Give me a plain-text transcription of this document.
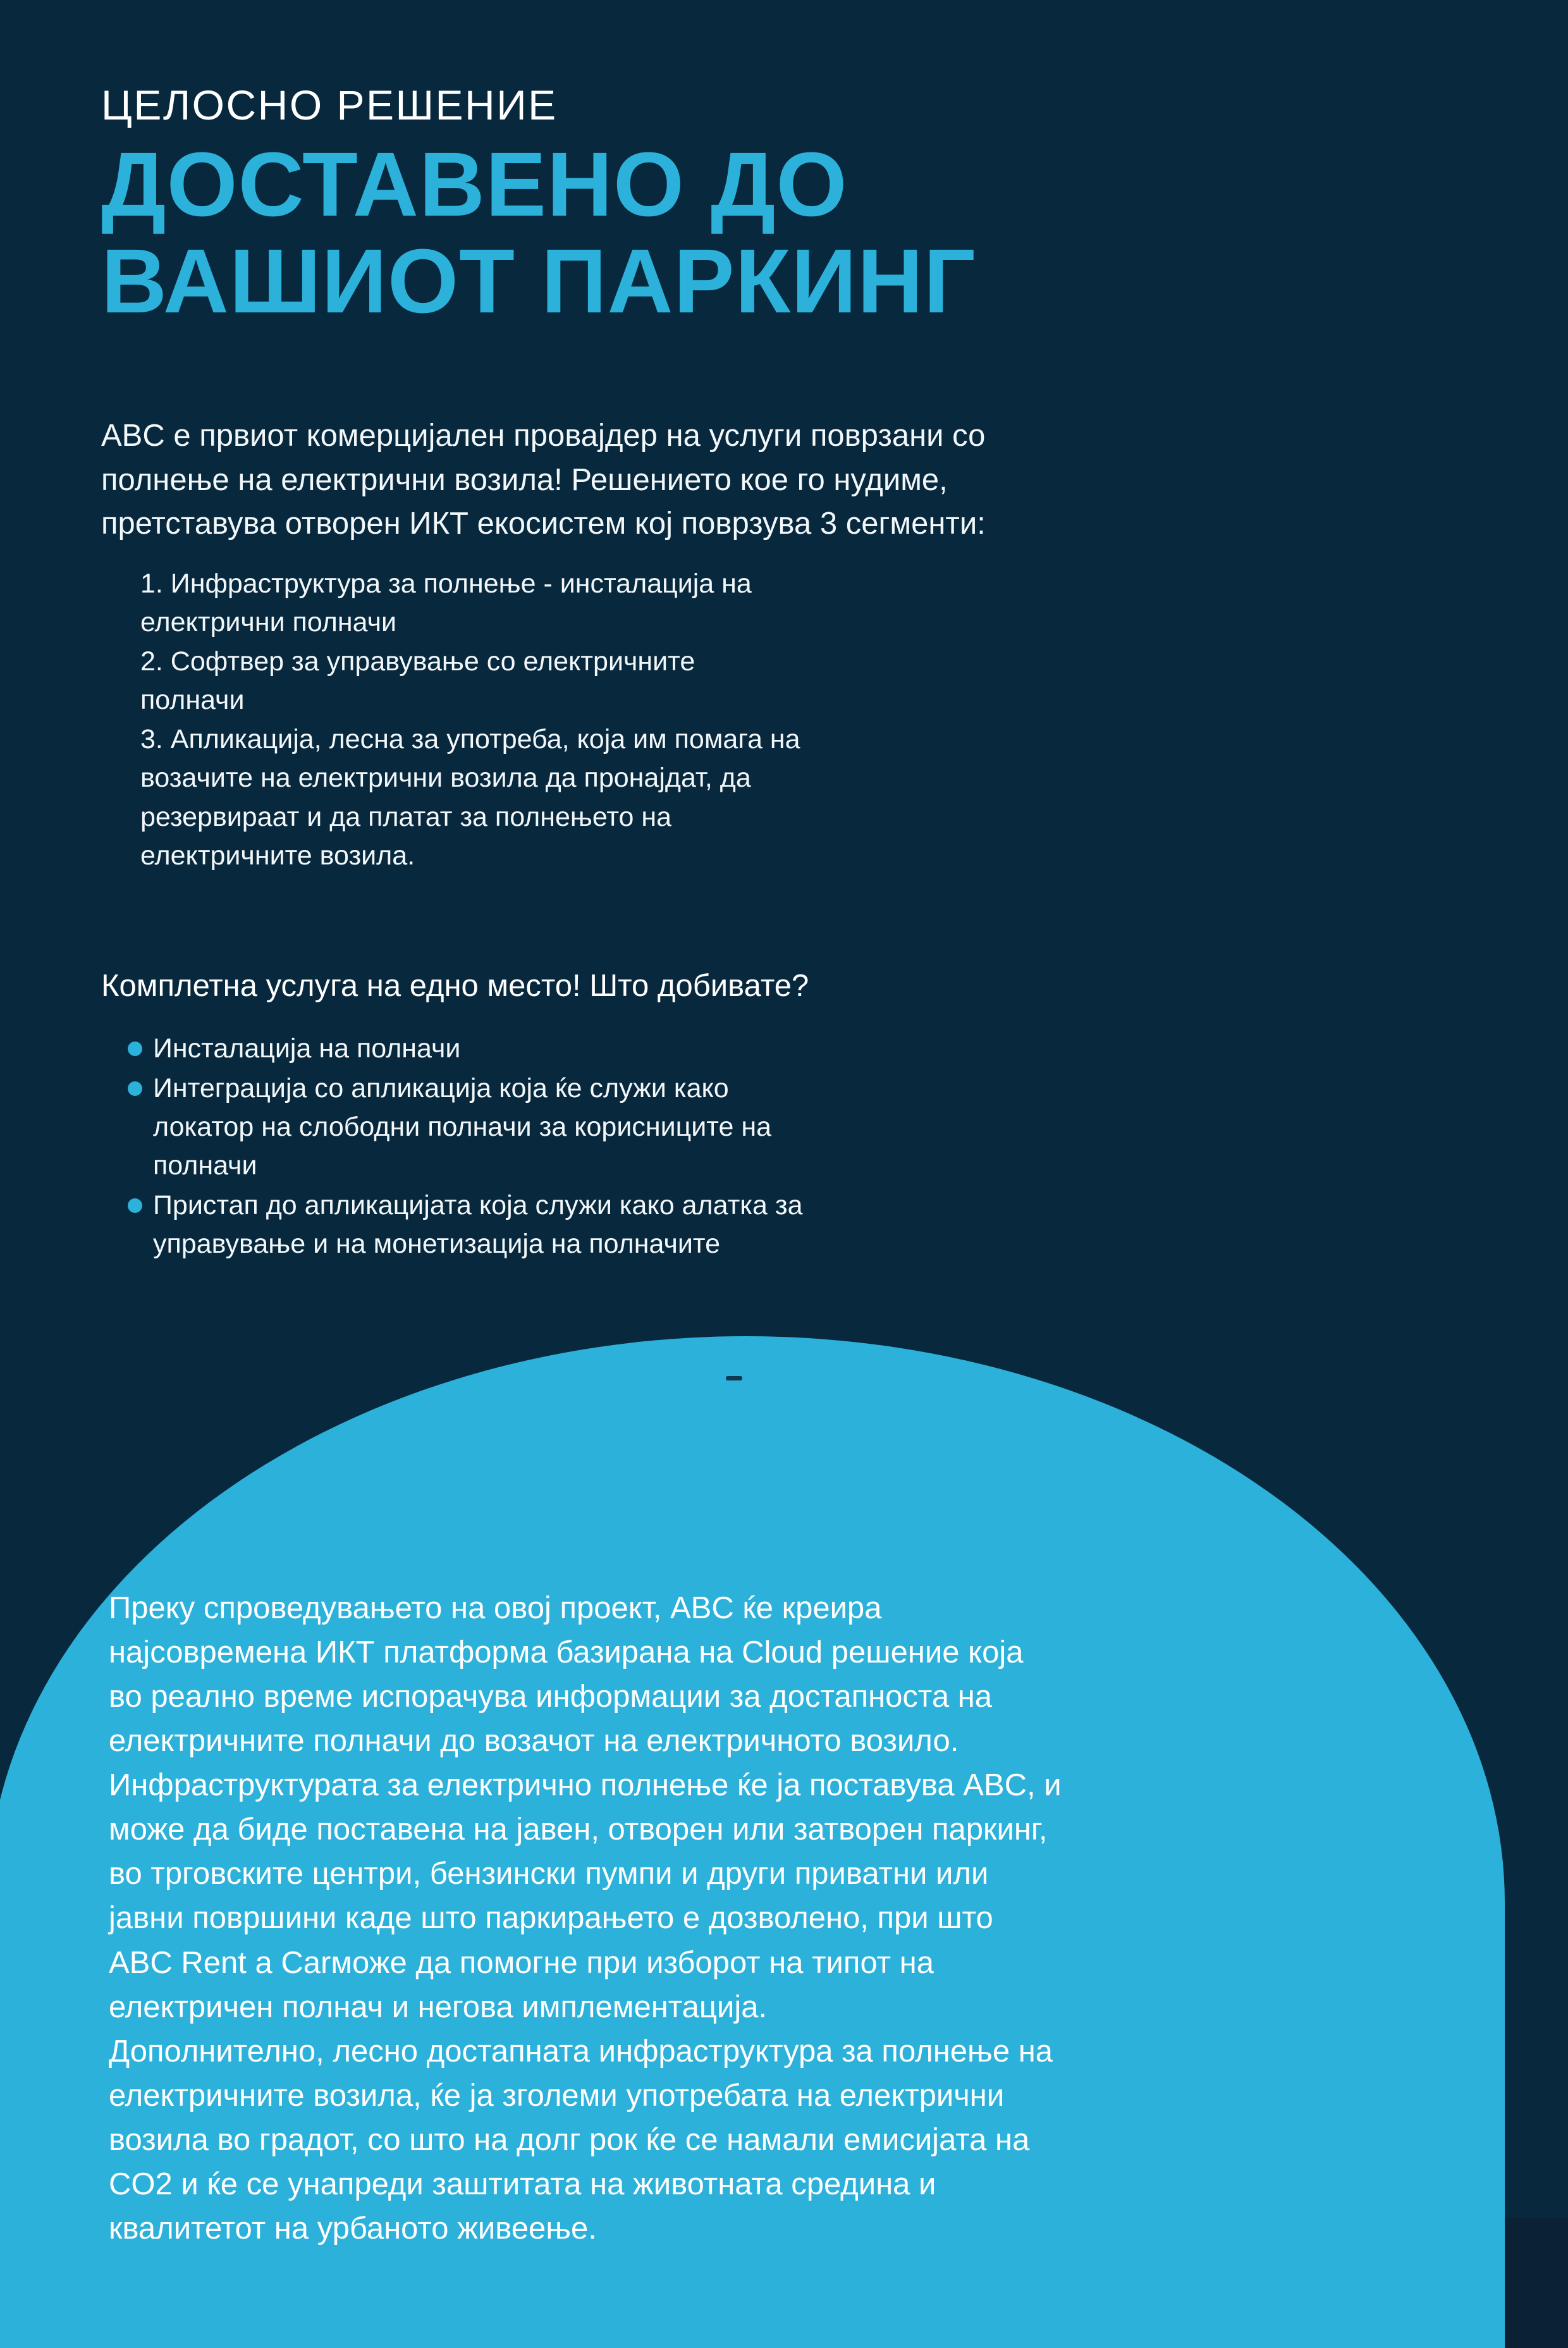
ЦЕЛОСНО РЕШЕНИЕ

ДОСТАВЕНО ДО
ВАШИОТ ПАРКИНГ
ABC е првиот комерцијален провајдер на услуги поврзани со
полнење на електрични возила! Решението кое го нудиме,
претставува отворен ИКТ екосистем кој поврзува 3 сегменти:
1. Инфраструктура за полнење - инсталација на
електрични полначи
2. Софтвер за управување со електричните
полначи
3. Апликација, лесна за употреба, која им помага на
возачите на електрични возила да пронајдат, да
резервираат и да платат за полнењето на
електричните возила.
Комплетна услуга на едно место! Што добивате?
Инсталација на полначи
Интеграција со апликација која ќе служи како
локатор на слободни полначи за корисниците на
полначи
Пристап до апликацијата која служи како алатка за
управување и на монетизација на полначите
Преку спроведувањето на овој проект, ABC ќе креира
најсовремена ИКТ платформа базирана на Cloud решение која
во реално време испорачува информации за достапноста на
електричните полначи до возачот на електричното возило.
Инфраструктурата за електрично полнење ќе ја поставува ABC, и
може да биде поставена на јавен, отворен или затворен паркинг,
во трговските центри, бензински пумпи и други приватни или
јавни површини каде што паркирањето е дозволено, при што
ABC Rent a Carможе да помогне при изборот на типот на
електричен полнач и негова имплементација.
Дополнително, лесно достапната инфраструктура за полнење на
електричните возила, ќе ја зголеми употребата на електрични
возила во градот, со што на долг рок ќе се намали емисијата на
CO2 и ќе се унапреди заштитата на животната средина и
квалитетот на урбаното живеење.
